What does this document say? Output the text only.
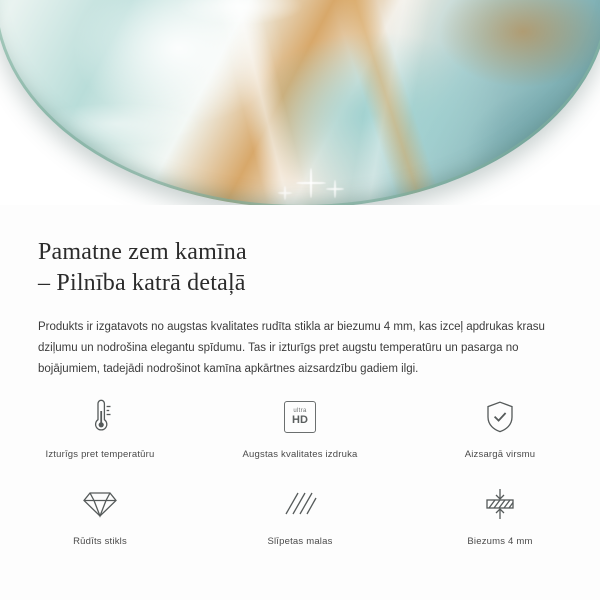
Pamatne zem kamīna
– Pilnība katrā detaļā

Produkts ir izgatavots no augstas kvalitates rudīta stikla ar biezumu 4 mm, kas izceļ apdrukas krasu dziļumu un nodrošina elegantu spīdumu. Tas ir izturīgs pret augstu temperatūru un pasarga no bojājumiem, tadejādi nodrošinot kamīna apkārtnes aizsardzību gadiem ilgi.

Izturīgs pret temperatūru
ultra
HD
Augstas kvalitates izdruka	Aizsargā virsmu
Rūdīts stikls	Slīpetas malas	Biezums 4 mm
